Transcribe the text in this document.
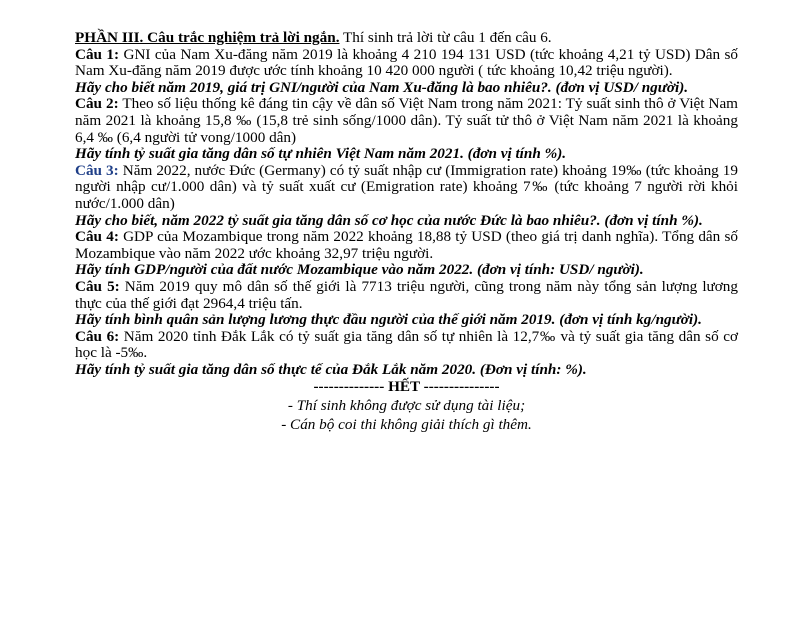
PHẦN III. Câu trắc nghiệm trả lời ngắn. Thí sinh trả lời từ câu 1 đến câu 6.

Câu 1: GNI của Nam Xu-đăng năm 2019 là khoảng 4 210 194 131 USD (tức khoảng 4,21 tỷ USD) Dân số Nam Xu-đăng năm 2019 được ước tính khoảng 10 420 000 người ( tức khoảng 10,42 triệu người).

Hãy cho biết năm 2019, giá trị GNI/người của Nam Xu-đăng là bao nhiêu?. (đơn vị USD/ người).

Câu 2: Theo số liệu thống kê đáng tin cậy về dân số Việt Nam trong năm 2021: Tỷ suất sinh thô ở Việt Nam năm 2021 là khoảng 15,8 ‰ (15,8 trẻ sinh sống/1000 dân). Tỷ suất tử thô ở Việt Nam năm 2021 là khoảng 6,4 ‰ (6,4 người tử vong/1000 dân)

Hãy tính tỷ suất gia tăng dân số tự nhiên Việt Nam năm 2021. (đơn vị tính %).

Câu 3: Năm 2022, nước Đức (Germany) có tỷ suất nhập cư (Immigration rate) khoảng 19‰ (tức khoảng 19 người nhập cư/1.000 dân) và tỷ suất xuất cư (Emigration rate) khoảng 7‰ (tức khoảng 7 người rời khỏi nước/1.000 dân)

Hãy cho biết, năm 2022 tỷ suất gia tăng dân số cơ học của nước Đức là bao nhiêu?. (đơn vị tính %).

Câu 4: GDP của Mozambique trong năm 2022 khoảng 18,88 tỷ USD (theo giá trị danh nghĩa). Tổng dân số Mozambique vào năm 2022 ước khoảng 32,97 triệu người.

Hãy tính GDP/người của đất nước Mozambique vào năm 2022. (đơn vị tính: USD/ người).

Câu 5: Năm 2019 quy mô dân số thế giới là 7713 triệu người, cũng trong năm này tổng sản lượng lương thực của thế giới đạt 2964,4 triệu tấn.

Hãy tính bình quân sản lượng lương thực đầu người của thế giới năm 2019. (đơn vị tính kg/người).

Câu 6: Năm 2020 tỉnh Đắk Lắk có tỷ suất gia tăng dân số tự nhiên là 12,7‰ và tỷ suất gia tăng dân số cơ học là -5‰.

Hãy tính tỷ suất gia tăng dân số thực tế của Đắk Lắk năm 2020. (Đơn vị tính: %).

-------------- HẾT ---------------

- Thí sinh không được sử dụng tài liệu;

- Cán bộ coi thi không giải thích gì thêm.
